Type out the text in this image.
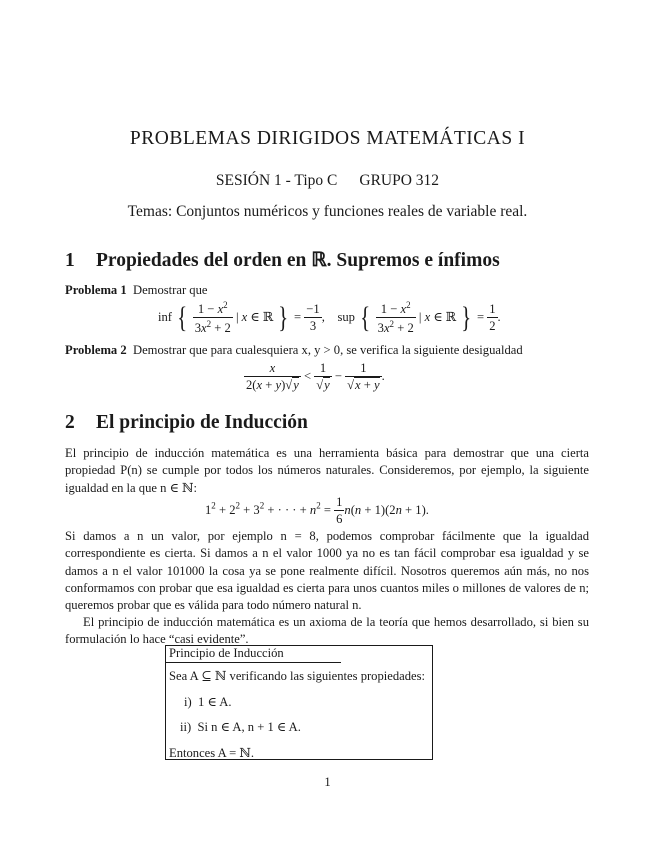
PROBLEMAS DIRIGIDOS MATEMÁTICAS I
SESIÓN 1 - Tipo C GRUPO 312
Temas: Conjuntos numéricos y funciones reales de variable real.
1 Propiedades del orden en ℝ. Supremos e ínfimos
Problema 1 Demostrar que
inf { $\frac{1 - x^2}{3x^2 + 2}$ | x ∈ ℝ } = $\frac{-1}{3}$ ,    sup { $\frac{1 - x^2}{3x^2 + 2}$ | x ∈ ℝ } = $\frac{1}{2}$ .
Problema 2 Demostrar que para cualesquiera x, y > 0, se verifica la siguiente desigualdad
$\frac{x}{2(x + y)√y} < \frac{1}{√y} - \frac{1}{√x + y}$ .
2 El principio de Inducción
El principio de inducción matemática es una herramienta básica para demostrar que una cierta propiedad P(n) se cumple por todos los números naturales. Consideremos, por ejemplo, la siguiente igualdad en la que n ∈ ℕ:
$1^2 + 2^2 + 3^2$ + · · · + $n^2 = \frac{1}{6} n(n + 1)(2n + 1)$.
Si damos a n un valor, por ejemplo n = 8, podemos comprobar fácilmente que la igualdad correspondiente es cierta. Si damos a n el valor 1000 ya no es tan fácil comprobar esa igualdad y se damos a n el valor 101000 la cosa ya se pone realmente difícil. Nosotros queremos aún más, no nos conformamos con probar que esa igualdad es cierta para unos cuantos miles o millones de valores de n; queremos probar que es válida para todo número natural n.
El principio de inducción matemática es un axioma de la teoría que hemos desarrollado, si bien su formulación lo hace “casi evidente”.
Principio de Inducción
Sea A ⊆ ℕ verificando las siguientes propiedades:
i) 1 ∈ A.
ii) Si n ∈ A, n + 1 ∈ A.
Entonces A = ℕ.
1
